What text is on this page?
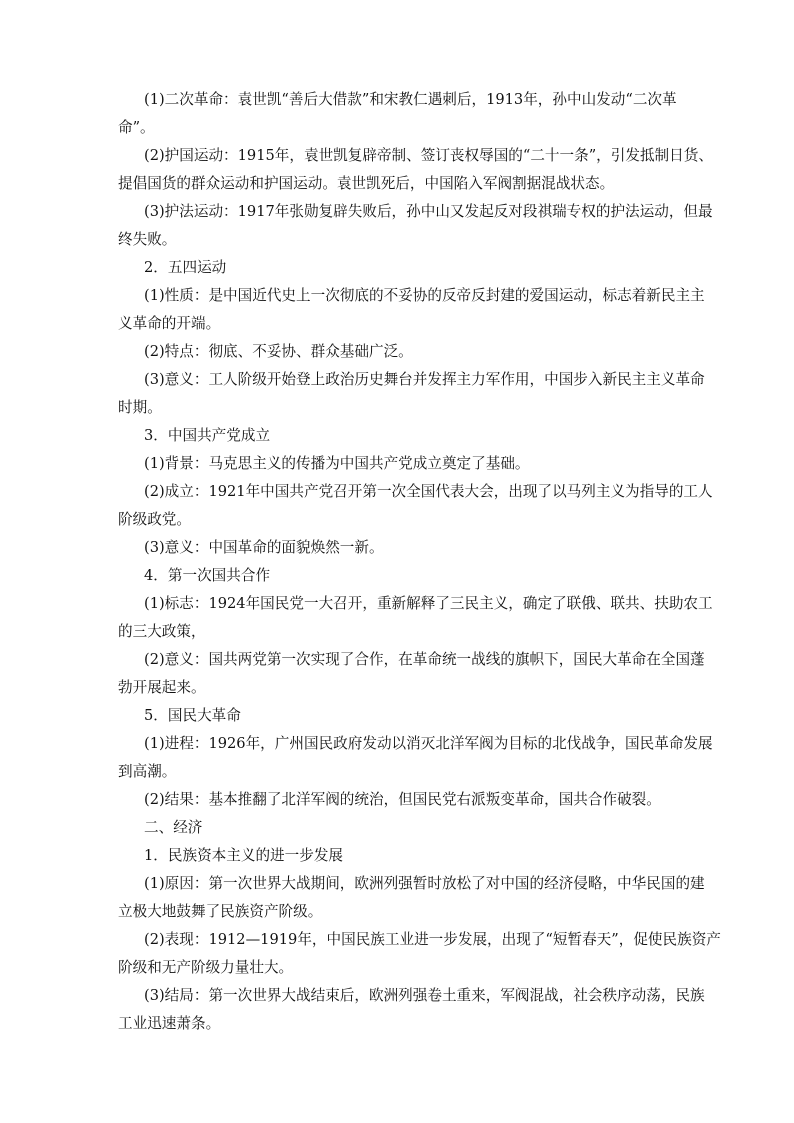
(1)二次革命：袁世凯“善后大借款”和宋教仁遇刺后，1913年，孙中山发动“二次革

命”。

(2)护国运动：1915年，袁世凯复辟帝制、签订丧权辱国的“二十一条”，引发抵制日货、

提倡国货的群众运动和护国运动。袁世凯死后，中国陷入军阀割据混战状态。

(3)护法运动：1917年张勋复辟失败后，孙中山又发起反对段祺瑞专权的护法运动，但最

终失败。

2．五四运动

(1)性质：是中国近代史上一次彻底的不妥协的反帝反封建的爱国运动，标志着新民主主

义革命的开端。

(2)特点：彻底、不妥协、群众基础广泛。

(3)意义：工人阶级开始登上政治历史舞台并发挥主力军作用，中国步入新民主主义革命

时期。

3．中国共产党成立

(1)背景：马克思主义的传播为中国共产党成立奠定了基础。

(2)成立：1921年中国共产党召开第一次全国代表大会，出现了以马列主义为指导的工人

阶级政党。

(3)意义：中国革命的面貌焕然一新。

4．第一次国共合作

(1)标志：1924年国民党一大召开，重新解释了三民主义，确定了联俄、联共、扶助农工

的三大政策，

(2)意义：国共两党第一次实现了合作，在革命统一战线的旗帜下，国民大革命在全国蓬

勃开展起来。

5．国民大革命

(1)进程：1926年，广州国民政府发动以消灭北洋军阀为目标的北伐战争，国民革命发展

到高潮。

(2)结果：基本推翻了北洋军阀的统治，但国民党右派叛变革命，国共合作破裂。

二、经济

1．民族资本主义的进一步发展

(1)原因：第一次世界大战期间，欧洲列强暂时放松了对中国的经济侵略，中华民国的建

立极大地鼓舞了民族资产阶级。

(2)表现：1912—1919年，中国民族工业进一步发展，出现了“短暂春天”，促使民族资产

阶级和无产阶级力量壮大。

(3)结局：第一次世界大战结束后，欧洲列强卷土重来，军阀混战，社会秩序动荡，民族

工业迅速萧条。
